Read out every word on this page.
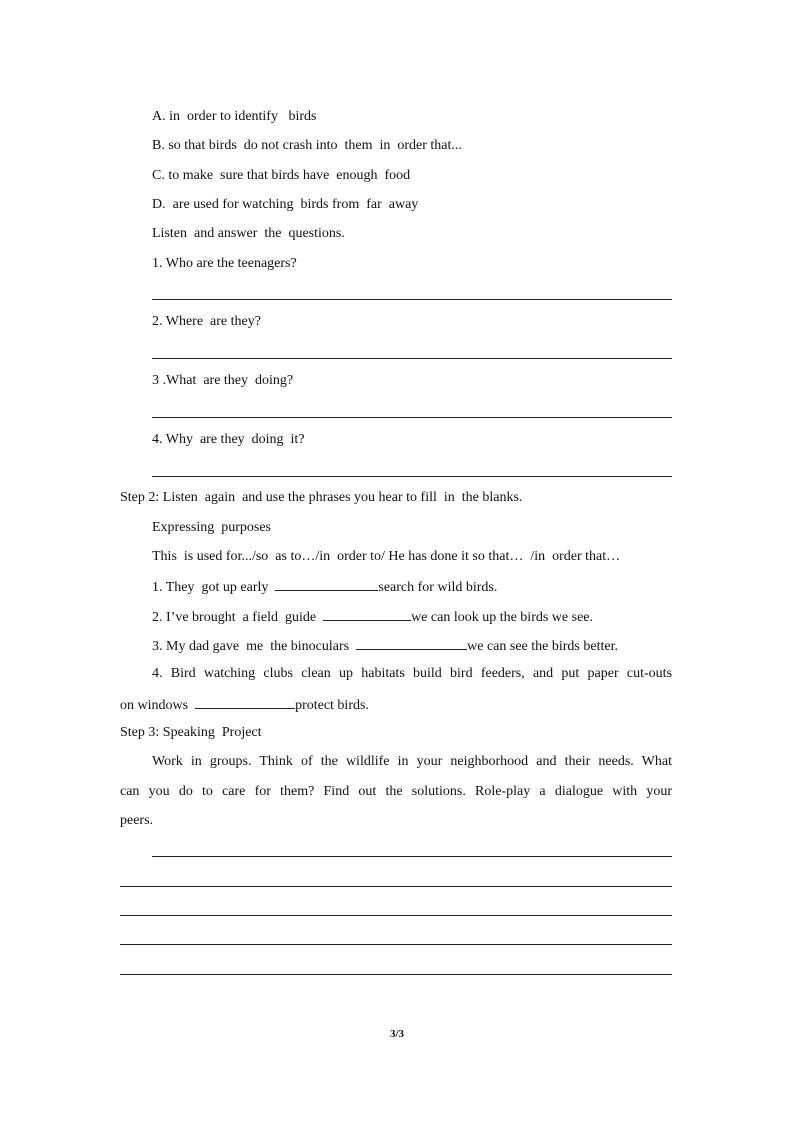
A. in  order to identify   birds
B. so that birds  do not crash into  them  in  order that...
C. to make  sure that birds have  enough  food
D.  are used for watching  birds from  far  away
Listen  and answer  the  questions.
1. Who are the teenagers?
2. Where  are they?
3 .What  are they  doing?
4. Why  are they  doing  it?
Step 2: Listen  again  and use the phrases you hear to fill  in  the blanks.
Expressing  purposes
This  is used for.../so  as to…/in  order to/ He has done it so that…  /in  order that…
1. They  got up early	search for wild birds.
2. I’ve brought  a field  guide	we can look up the birds we see.
3. My dad gave  me  the binoculars	we can see the birds better.
4. Bird watching clubs clean up habitats build bird feeders, and put paper cut-outs
on windows	protect birds.
Step 3: Speaking  Project
Work in groups. Think of the wildlife in your neighborhood and their needs. What
can you do to care for them? Find out the solutions. Role-play a dialogue with your
peers.
3/3
